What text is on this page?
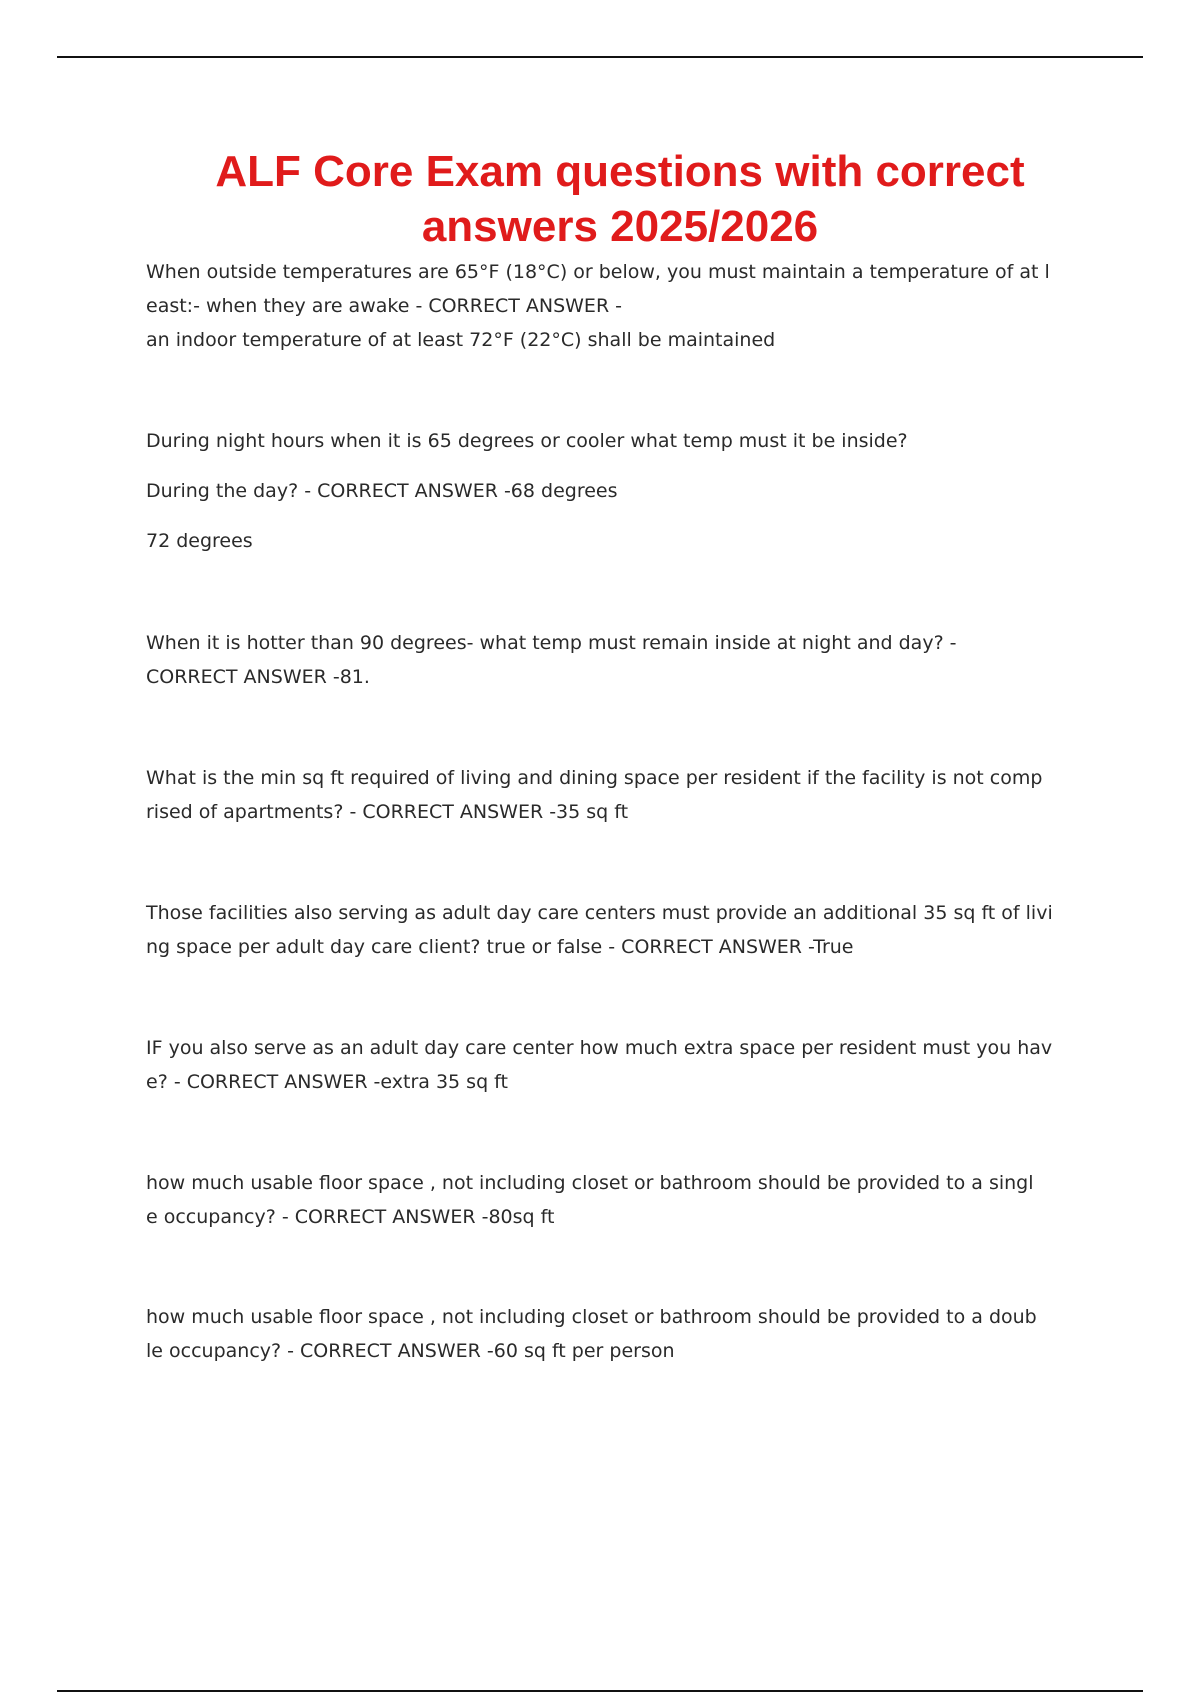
ALF Core Exam questions with correct
answers 2025/2026

When outside temperatures are 65°F (18°C) or below, you must maintain a temperature of at l

east:- when they are awake - CORRECT ANSWER -

an indoor temperature of at least 72°F (22°C) shall be maintained

During night hours when it is 65 degrees or cooler what temp must it be inside?

During the day? - CORRECT ANSWER -68 degrees

72 degrees

When it is hotter than 90 degrees- what temp must remain inside at night and day? -

CORRECT ANSWER -81.

What is the min sq ft required of living and dining space per resident if the facility is not comp

rised of apartments? - CORRECT ANSWER -35 sq ft

Those facilities also serving as adult day care centers must provide an additional 35 sq ft of livi

ng space per adult day care client? true or false - CORRECT ANSWER -True

IF you also serve as an adult day care center how much extra space per resident must you hav

e? - CORRECT ANSWER -extra 35 sq ft

how much usable floor space , not including closet or bathroom should be provided to a singl

e occupancy? - CORRECT ANSWER -80sq ft

how much usable floor space , not including closet or bathroom should be provided to a doub

le occupancy? - CORRECT ANSWER -60 sq ft per person
